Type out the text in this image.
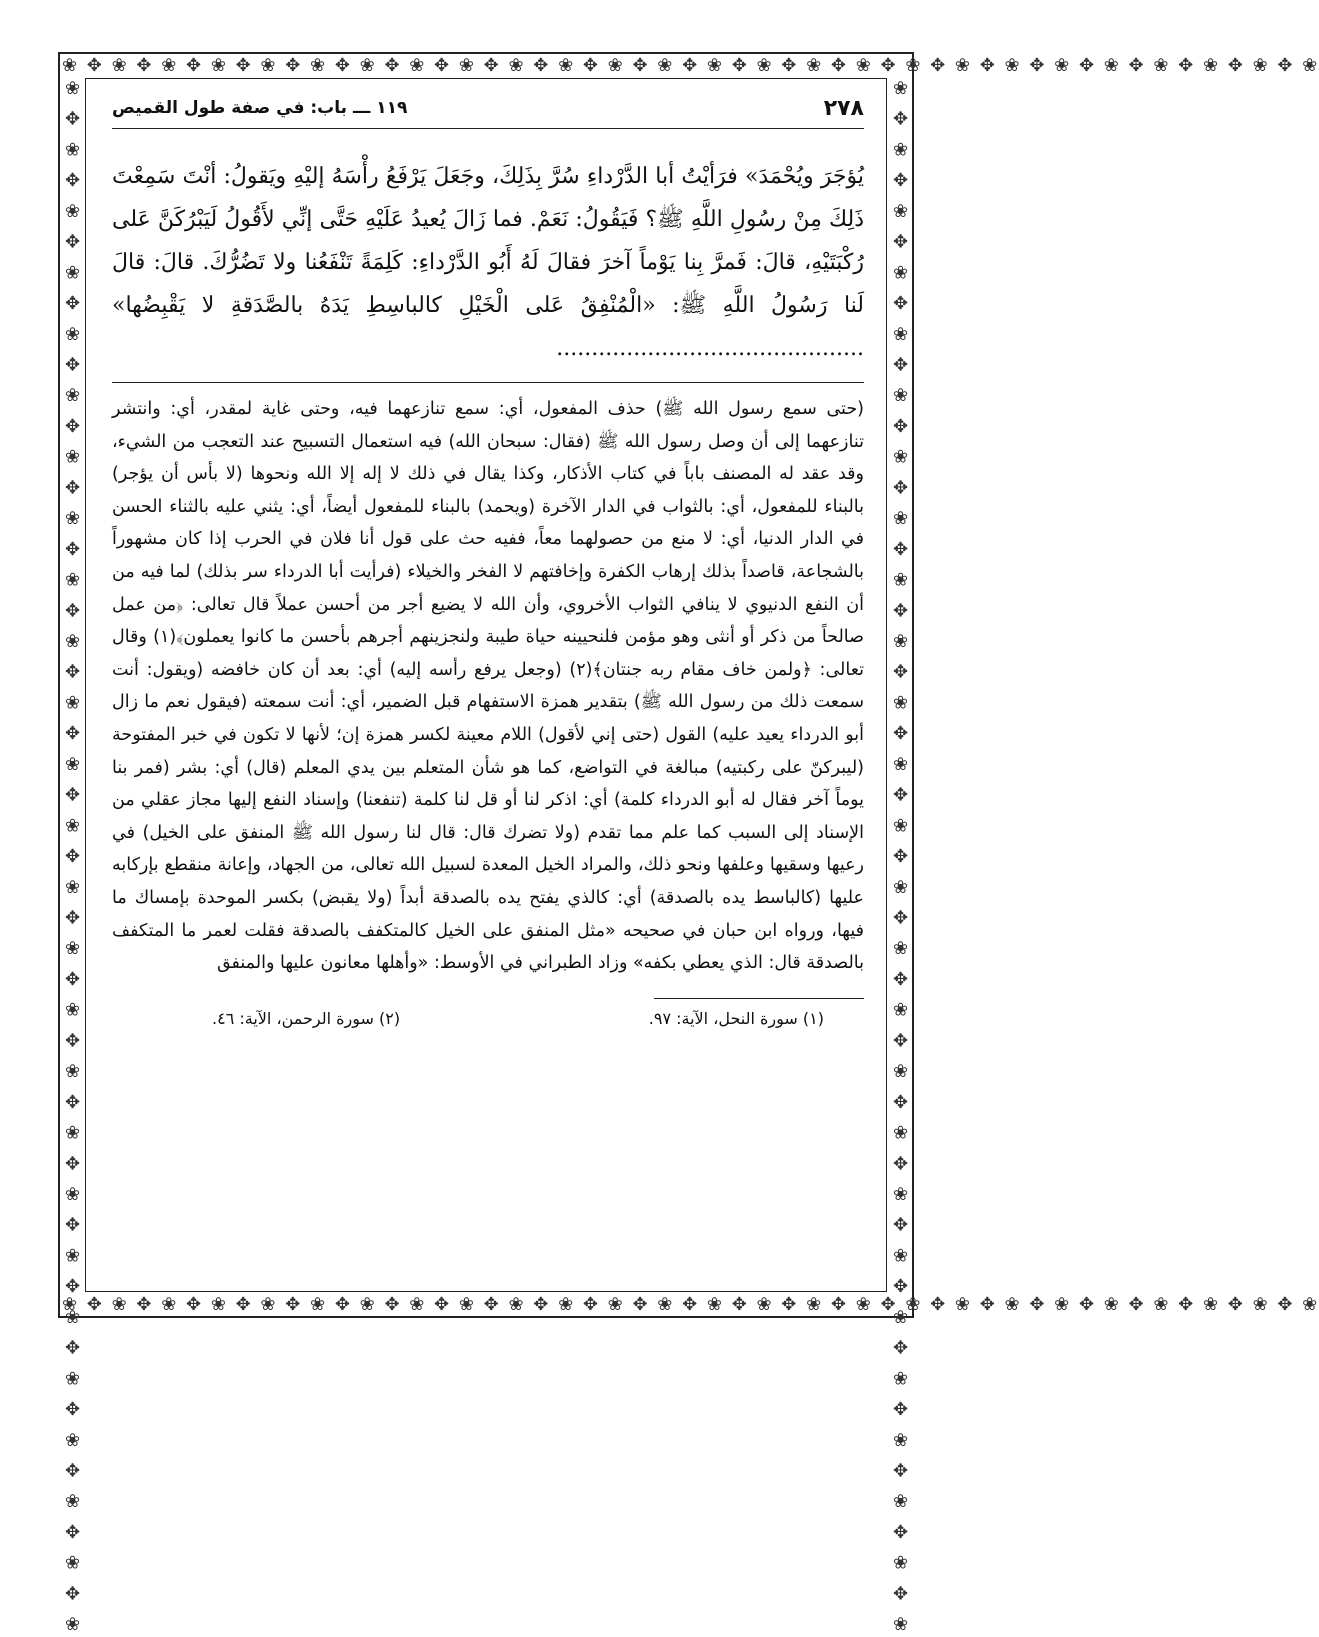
❀ ✥ ❀ ✥ ❀ ✥ ❀ ✥ ❀ ✥ ❀ ✥ ❀ ✥ ❀ ✥ ❀ ✥ ❀ ✥ ❀ ✥ ❀ ✥ ❀ ✥ ❀ ✥ ❀ ✥ ❀ ✥ ❀ ✥ ❀ ✥ ❀ ✥ ❀ ✥ ❀ ✥ ❀ ✥ ❀ ✥ ❀ ✥ ❀ ✥ ❀
❀ ✥ ❀ ✥ ❀ ✥ ❀ ✥ ❀ ✥ ❀ ✥ ❀ ✥ ❀ ✥ ❀ ✥ ❀ ✥ ❀ ✥ ❀ ✥ ❀ ✥ ❀ ✥ ❀ ✥ ❀ ✥ ❀ ✥ ❀ ✥ ❀ ✥ ❀ ✥ ❀ ✥ ❀ ✥ ❀ ✥ ❀ ✥ ❀ ✥ ❀
❀ ✥ ❀ ✥ ❀ ✥ ❀ ✥ ❀ ✥ ❀ ✥ ❀ ✥ ❀ ✥ ❀ ✥ ❀ ✥ ❀ ✥ ❀ ✥ ❀ ✥ ❀ ✥ ❀ ✥ ❀ ✥ ❀ ✥ ❀ ✥ ❀ ✥ ❀ ✥ ❀ ✥ ❀ ✥ ❀ ✥ ❀ ✥ ❀ ✥ ❀	❀ ✥ ❀ ✥ ❀ ✥ ❀ ✥ ❀ ✥ ❀ ✥ ❀ ✥ ❀ ✥ ❀ ✥ ❀ ✥ ❀ ✥ ❀ ✥ ❀ ✥ ❀ ✥ ❀ ✥ ❀ ✥ ❀ ✥ ❀ ✥ ❀ ✥ ❀ ✥ ❀ ✥ ❀ ✥ ❀ ✥ ❀ ✥ ❀ ✥ ❀
٢٧٨
١١٩ ـــ باب: في صفة طول القميص

يُؤجَرَ ويُحْمَدَ» فرَأيْتُ أبا الدَّرْداءِ سُرَّ بِذَلِكَ، وجَعَلَ يَرْفَعُ رأْسَهُ إليْهِ ويَقولُ: أنْتَ سَمِعْتَ ذَلِكَ مِنْ رسُولِ اللَّهِ ﷺ؟ فَيَقُولُ: نَعَمْ. فما زَالَ يُعيدُ عَلَيْهِ حَتَّى إنِّي لأَقُولُ لَيَبْرُكَنَّ عَلى رُكْبَتَيْهِ، قالَ: فَمرَّ بِنا يَوْماً آخرَ فقالَ لَهُ أَبُو الدَّرْداءِ: كَلِمَةً تَنْفَعُنا ولا تَضُرُّكَ. قالَ: قالَ لَنا رَسُولُ اللَّهِ ﷺ: «الْمُنْفِقُ عَلى الْخَيْلِ كالباسِطِ يَدَهُ بالصَّدَقةِ لا يَقْبِضُها» ............................................

(حتى سمع رسول الله ﷺ) حذف المفعول، أي: سمع تنازعهما فيه، وحتى غاية لمقدر، أي: وانتشر تنازعهما إلى أن وصل رسول الله ﷺ (فقال: سبحان الله) فيه استعمال التسبيح عند التعجب من الشيء، وقد عقد له المصنف باباً في كتاب الأذكار، وكذا يقال في ذلك لا إله إلا الله ونحوها (لا بأس أن يؤجر) بالبناء للمفعول، أي: بالثواب في الدار الآخرة (ويحمد) بالبناء للمفعول أيضاً، أي: يثني عليه بالثناء الحسن في الدار الدنيا، أي: لا منع من حصولهما معاً، ففيه حث على قول أنا فلان في الحرب إذا كان مشهوراً بالشجاعة، قاصداً بذلك إرهاب الكفرة وإخافتهم لا الفخر والخيلاء (فرأيت أبا الدرداء سر بذلك) لما فيه من أن النفع الدنيوي لا ينافي الثواب الأخروي، وأن الله لا يضيع أجر من أحسن عملاً قال تعالى: ﴿من عمل صالحاً من ذكر أو أنثى وهو مؤمن فلنحيينه حياة طيبة ولنجزينهم أجرهم بأحسن ما كانوا يعملون﴾(١) وقال تعالى: ﴿ولمن خاف مقام ربه جنتان﴾(٢) (وجعل يرفع رأسه إليه) أي: بعد أن كان خافضه (ويقول: أنت سمعت ذلك من رسول الله ﷺ) بتقدير همزة الاستفهام قبل الضمير، أي: أنت سمعته (فيقول نعم ما زال أبو الدرداء يعيد عليه) القول (حتى إني لأقول) اللام معينة لكسر همزة إن؛ لأنها لا تكون في خبر المفتوحة (ليبركنّ على ركبتيه) مبالغة في التواضع، كما هو شأن المتعلم بين يدي المعلم (قال) أي: بشر (فمر بنا يوماً آخر فقال له أبو الدرداء كلمة) أي: اذكر لنا أو قل لنا كلمة (تنفعنا) وإسناد النفع إليها مجاز عقلي من الإسناد إلى السبب كما علم مما تقدم (ولا تضرك قال: قال لنا رسول الله ﷺ المنفق على الخيل) في رعيها وسقيها وعلفها ونحو ذلك، والمراد الخيل المعدة لسبيل الله تعالى، من الجهاد، وإعانة منقطع بإركابه عليها (كالباسط يده بالصدقة) أي: كالذي يفتح يده بالصدقة أبداً (ولا يقبض) بكسر الموحدة بإمساك ما فيها، ورواه ابن حبان في صحيحه «مثل المنفق على الخيل كالمتكفف بالصدقة فقلت لعمر ما المتكفف بالصدقة قال: الذي يعطي بكفه» وزاد الطبراني في الأوسط: «وأهلها معانون عليها والمنفق

(١) سورة النحل، الآية: ٩٧.
(٢) سورة الرحمن، الآية: ٤٦.
